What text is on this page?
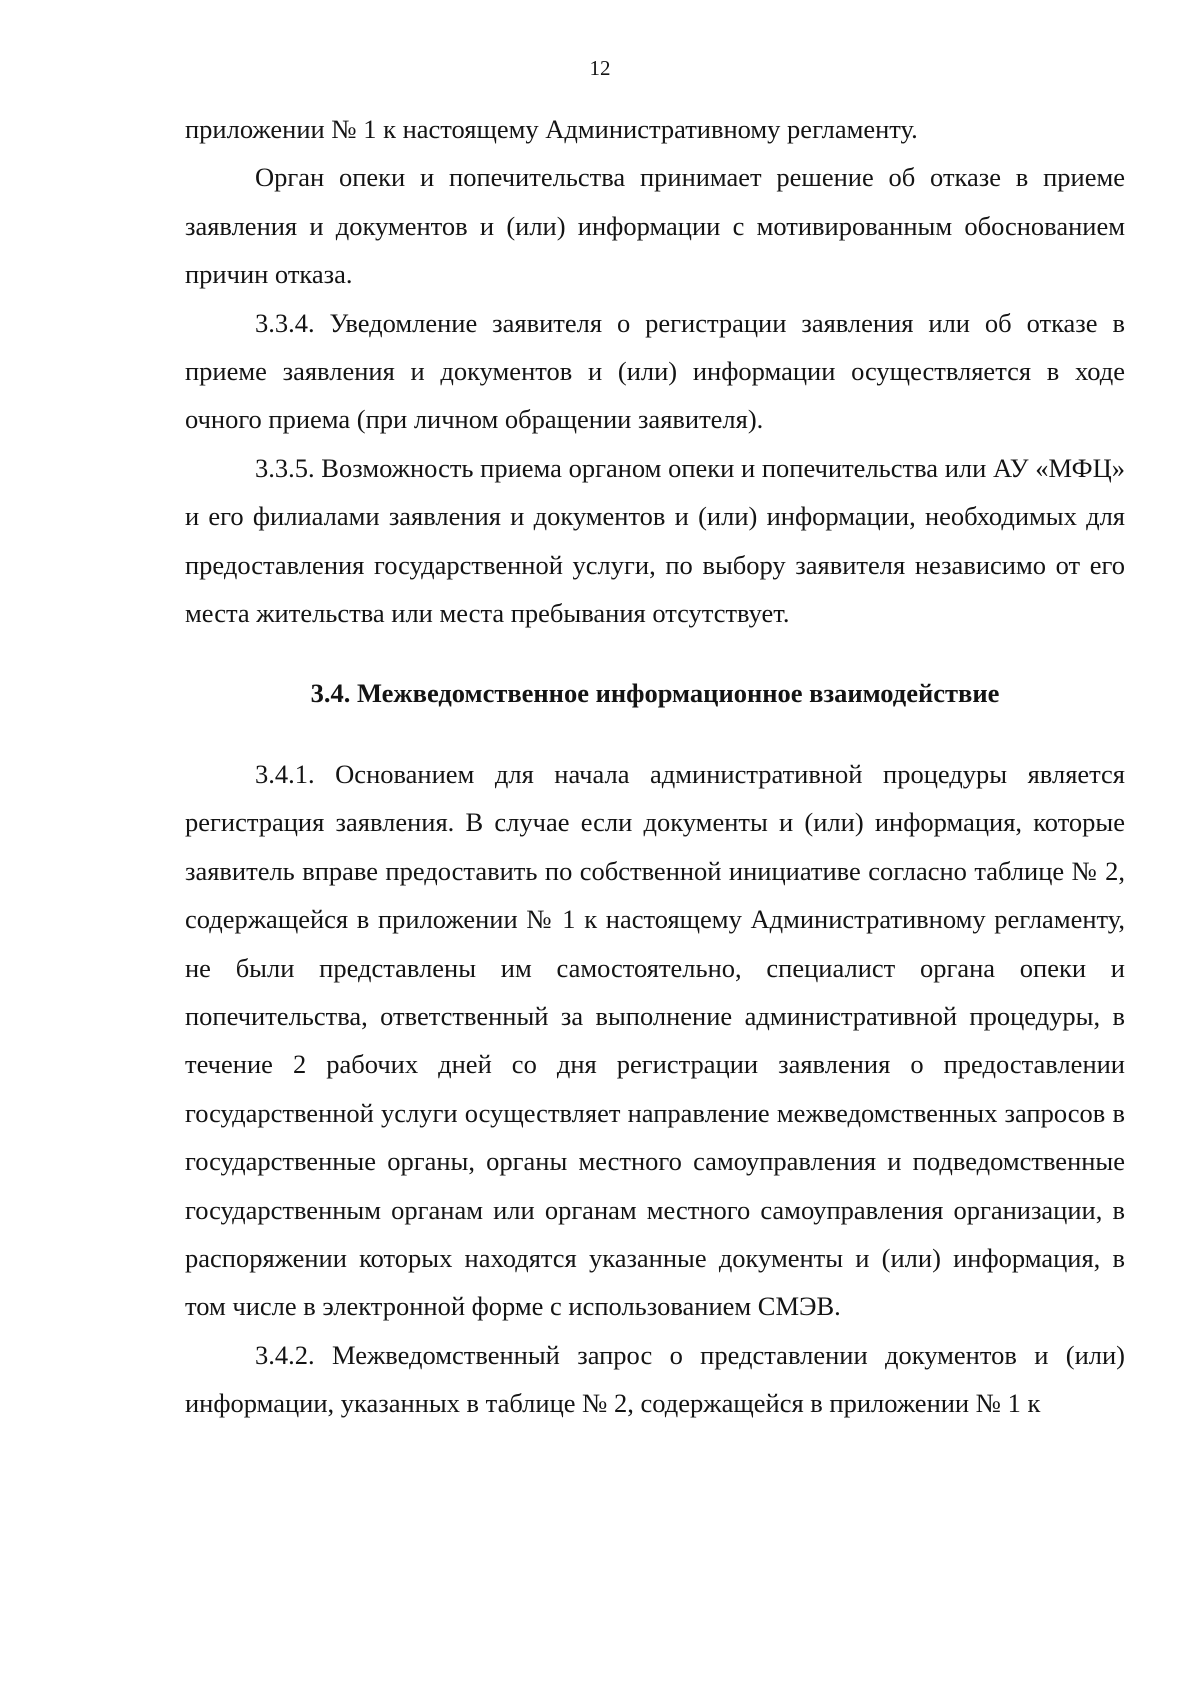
12

приложении № 1 к настоящему Административному регламенту.

Орган опеки и попечительства принимает решение об отказе в приеме заявления и документов и (или) информации с мотивированным обоснованием причин отказа.

3.3.4. Уведомление заявителя о регистрации заявления или об отказе в приеме заявления и документов и (или) информации осуществляется в ходе очного приема (при личном обращении заявителя).

3.3.5. Возможность приема органом опеки и попечительства или АУ «МФЦ» и его филиалами заявления и документов и (или) информации, необходимых для предоставления государственной услуги, по выбору заявителя независимо от его места жительства или места пребывания отсутствует.

3.4. Межведомственное информационное взаимодействие

3.4.1. Основанием для начала административной процедуры является регистрация заявления. В случае если документы и (или) информация, которые заявитель вправе предоставить по собственной инициативе согласно таблице № 2, содержащейся в приложении № 1 к настоящему Административному регламенту, не были представлены им самостоятельно, специалист органа опеки и попечительства, ответственный за выполнение административной процедуры, в течение 2 рабочих дней со дня регистрации заявления о предоставлении государственной услуги осуществляет направление межведомственных запросов в государственные органы, органы местного самоуправления и подведомственные государственным органам или органам местного самоуправления организации, в распоряжении которых находятся указанные документы и (или) информация, в том числе в электронной форме с использованием СМЭВ.

3.4.2. Межведомственный запрос о представлении документов и (или) информации, указанных в таблице № 2, содержащейся в приложении № 1 к
